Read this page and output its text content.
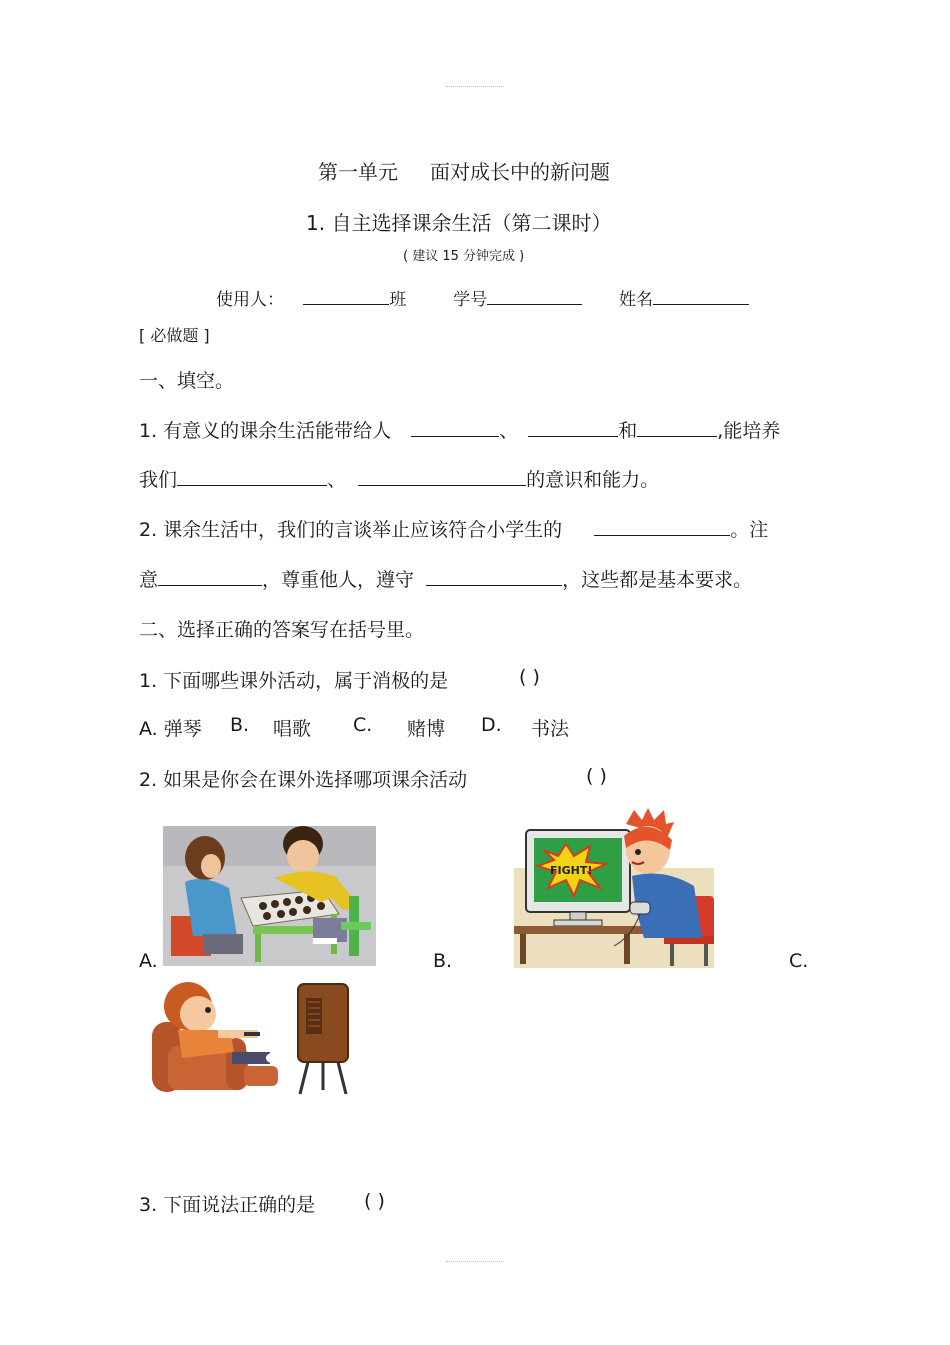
第一单元 面对成长中的新问题
1. 自主选择课余生活（第二课时）
( 建议 15 分钟完成 )
使用人：	班	学号	姓名
[ 必做题 ]
一、填空。
1. 有意义的课余生活能带给人	、	和	,能培养
我们	、	的意识和能力。
2. 课余生活中，我们的言谈举止应该符合小学生的	。注
意	，尊重他人，遵守	，这些都是基本要求。
二、选择正确的答案写在括号里。
1. 下面哪些课外活动，属于消极的是	( )
A. 弹琴 B. 唱歌 C. 赌博 D. 书法
2. 如果是你会在课外选择哪项课余活动	( )
A.
FIGHT!
B.	C.
3. 下面说法正确的是	( )
